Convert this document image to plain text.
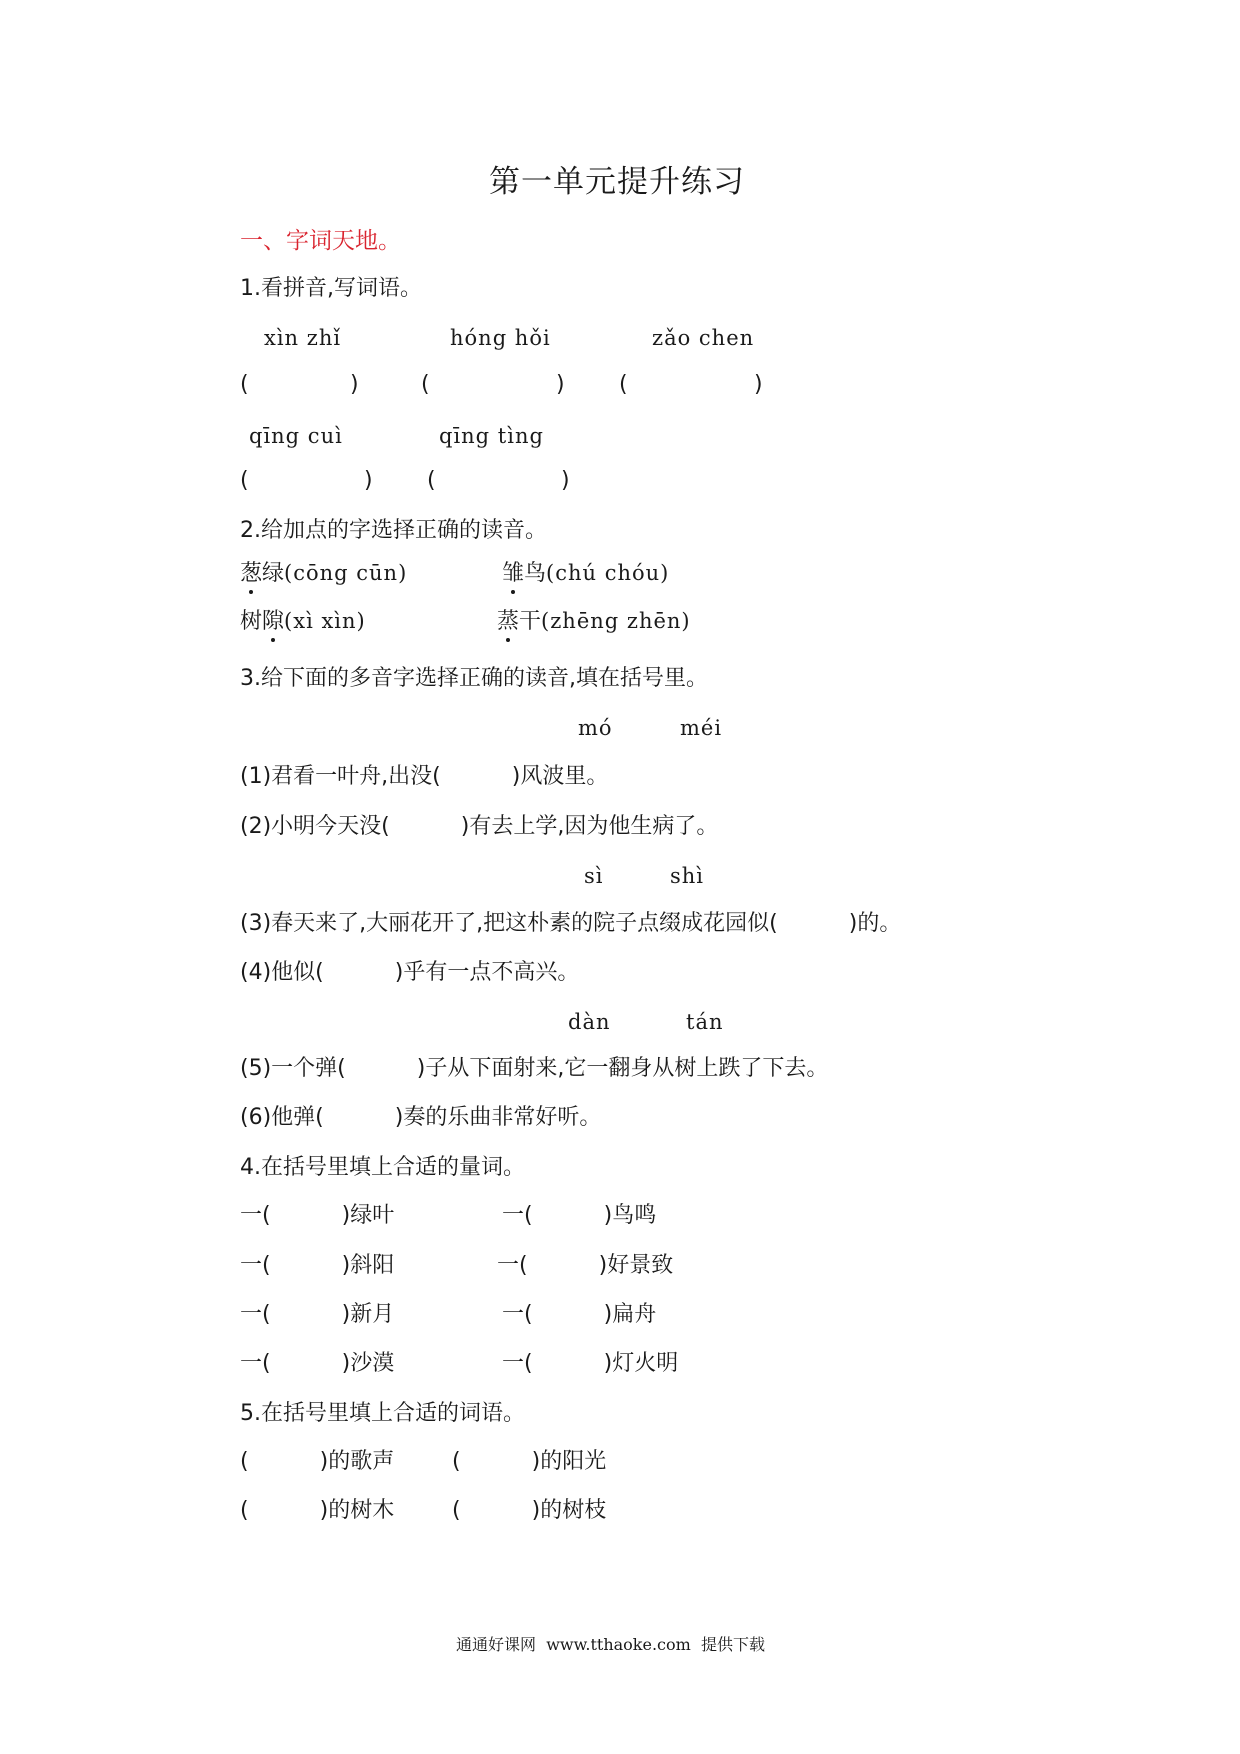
第一单元提升练习
一、字词天地。
1.看拼音,写词语。
xìn zhǐ	hóng hǒi	zǎo chen
(	)	(	) (	)
qīng cuì	qīng tìng
(	) (	)
2.给加点的字选择正确的读音。
葱绿(cōng cūn)	雏鸟(chú chóu)
树隙(xì xìn)	蒸干(zhēng zhēn)
3.给下面的多音字选择正确的读音,填在括号里。
mó	méi
(1)君看一叶舟,出没(	)风波里。
(2)小明今天没(	)有去上学,因为他生病了。
sì	shì
(3)春天来了,大丽花开了,把这朴素的院子点缀成花园似(	)的。
(4)他似(	)乎有一点不高兴。
dàn	tán
(5)一个弹(	)子从下面射来,它一翻身从树上跌了下去。
(6)他弹(	)奏的乐曲非常好听。
4.在括号里填上合适的量词。
一(	)绿叶	一(	)鸟鸣
一(	)斜阳	一(	)好景致
一(	)新月	一(	)扁舟
一(	)沙漠	一(	)灯火明
5.在括号里填上合适的词语。
(	)的歌声	(	)的阳光
(	)的树木	(	)的树枝
通通好课网 www.tthaoke.com 提供下载
